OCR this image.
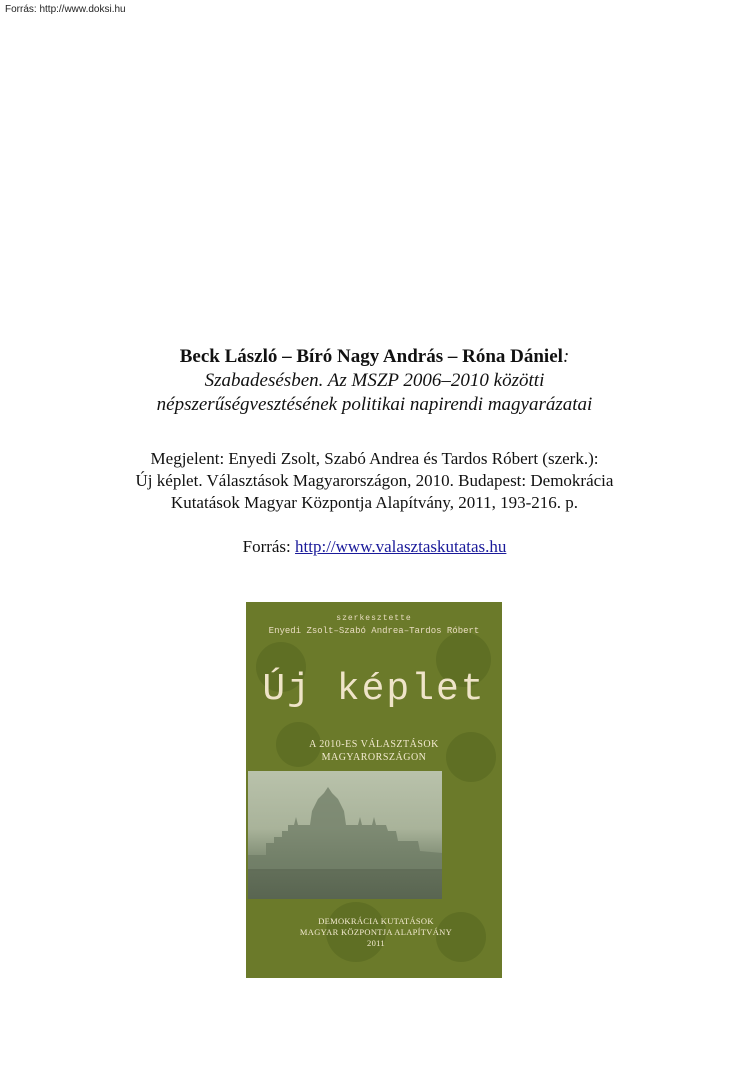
Forrás: http://www.doksi.hu
Beck László – Bíró Nagy András – Róna Dániel:
Szabadesésben. Az MSZP 2006–2010 közötti
népszerűségvesztésének politikai napirendi magyarázatai
Megjelent: Enyedi Zsolt, Szabó Andrea és Tardos Róbert (szerk.):
Új képlet. Választások Magyarországon, 2010. Budapest: Demokrácia
Kutatások Magyar Központja Alapítvány, 2011, 193-216. p.
Forrás: http://www.valasztaskutatas.hu
szerkesztette
Enyedi Zsolt–Szabó Andrea–Tardos Róbert
Új képlet
A 2010-ES VÁLASZTÁSOK
MAGYARORSZÁGON
DEMOKRÁCIA KUTATÁSOK
MAGYAR KÖZPONTJA ALAPÍTVÁNY
2011
